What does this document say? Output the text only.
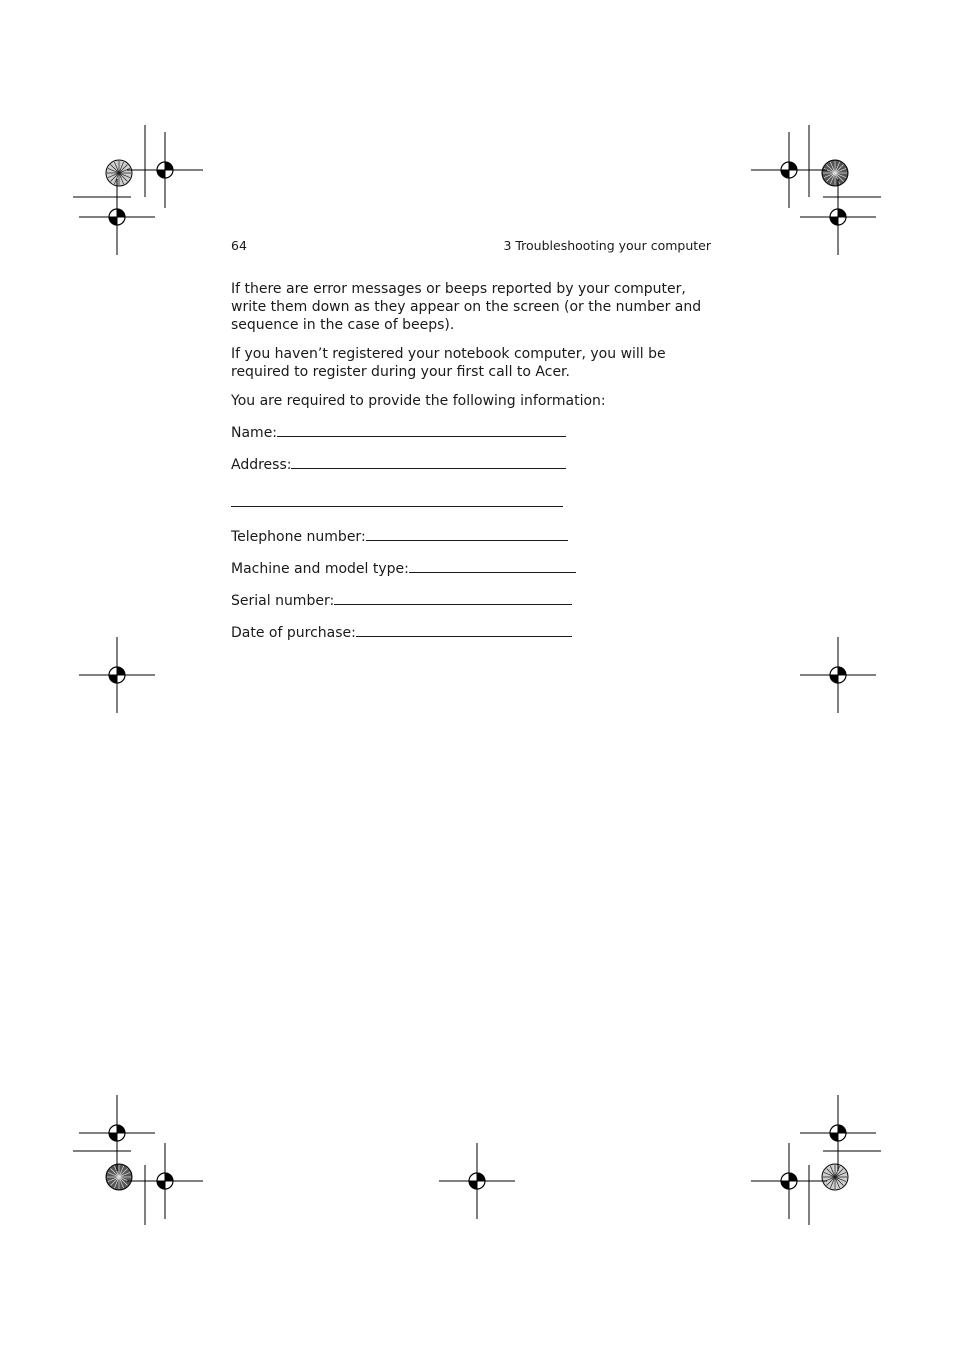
64	3 Troubleshooting your computer

If there are error messages or beeps reported by your computer, write them down as they appear on the screen (or the number and sequence in the case of beeps).

If you haven’t registered your notebook computer, you will be required to register during your first call to Acer.

You are required to provide the following information:

Name:
Address:
Telephone number:
Machine and model type:
Serial number:
Date of purchase:
